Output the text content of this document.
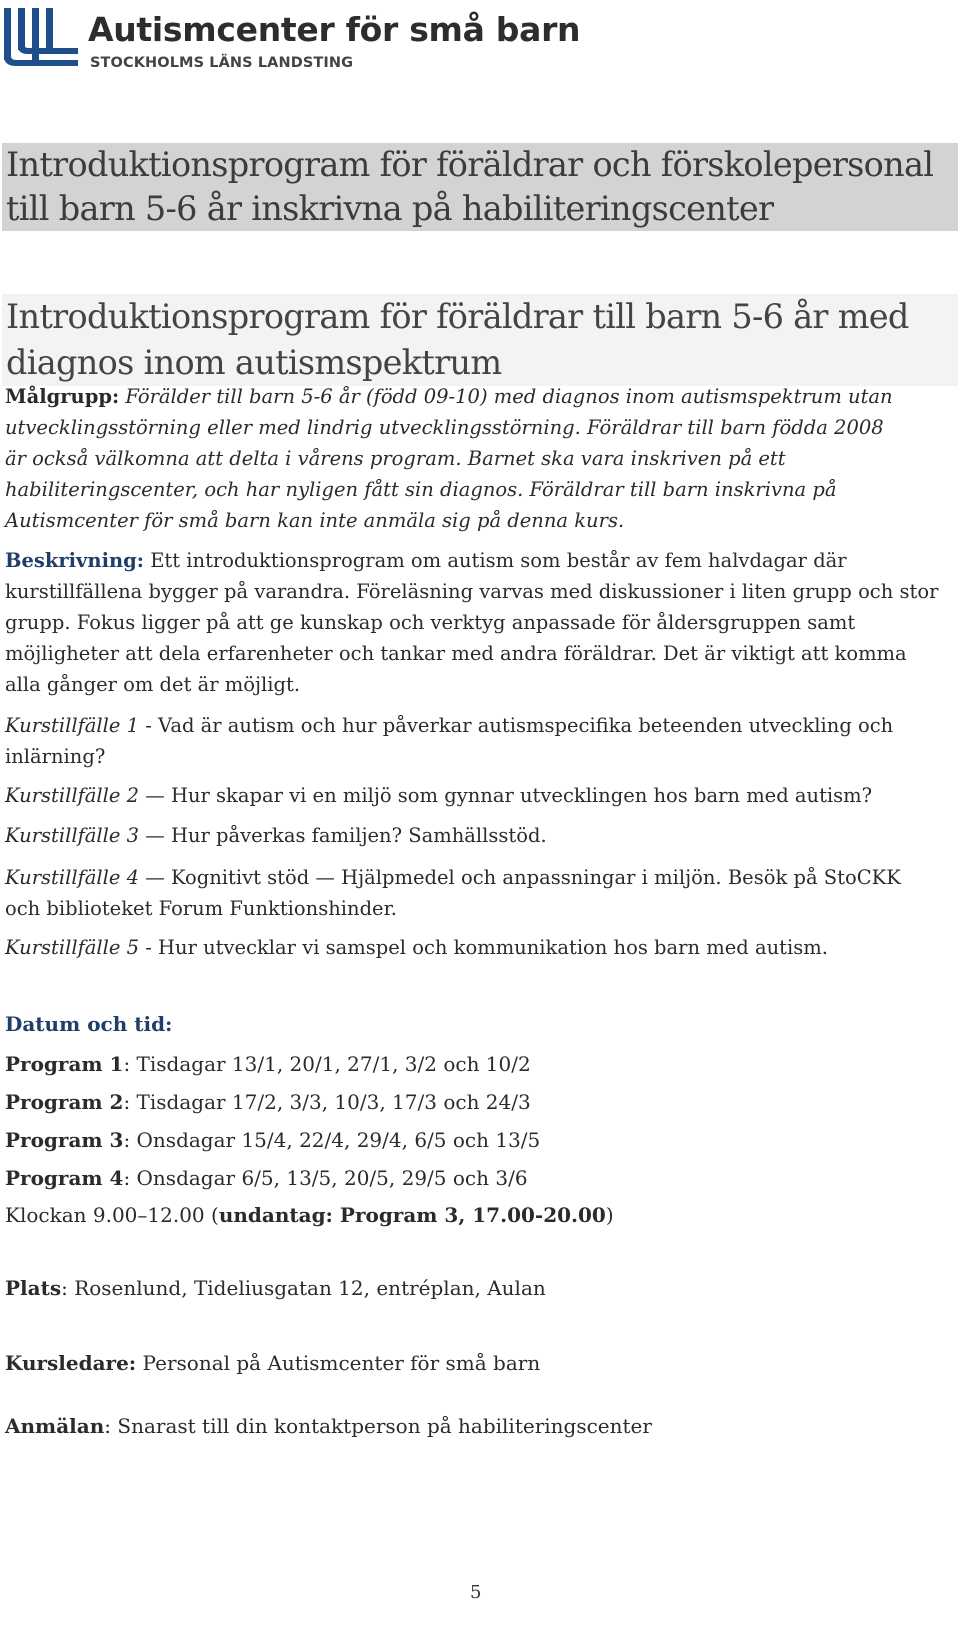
Autismcenter för små barn
STOCKHOLMS LÄNS LANDSTING
Introduktionsprogram för föräldrar och förskolepersonal
till barn 5-6 år inskrivna på habiliteringscenter
Introduktionsprogram för föräldrar till barn 5-6 år med
diagnos inom autismspektrum
Målgrupp: Förälder till barn 5-6 år (född 09-10) med diagnos inom autismspektrum utan
utvecklingsstörning eller med lindrig utvecklingsstörning. Föräldrar till barn födda 2008
är också välkomna att delta i vårens program. Barnet ska vara inskriven på ett
habiliteringscenter, och har nyligen fått sin diagnos. Föräldrar till barn inskrivna på
Autismcenter för små barn kan inte anmäla sig på denna kurs.
Beskrivning: Ett introduktionsprogram om autism som består av fem halvdagar där
kurstillfällena bygger på varandra. Föreläsning varvas med diskussioner i liten grupp och stor
grupp. Fokus ligger på att ge kunskap och verktyg anpassade för åldersgruppen samt
möjligheter att dela erfarenheter och tankar med andra föräldrar. Det är viktigt att komma
alla gånger om det är möjligt.
Kurstillfälle 1 - Vad är autism och hur påverkar autismspecifika beteenden utveckling och
inlärning?
Kurstillfälle 2 — Hur skapar vi en miljö som gynnar utvecklingen hos barn med autism?
Kurstillfälle 3 — Hur påverkas familjen? Samhällsstöd.
Kurstillfälle 4 — Kognitivt stöd — Hjälpmedel och anpassningar i miljön. Besök på StoCKK
och biblioteket Forum Funktionshinder.
Kurstillfälle 5 - Hur utvecklar vi samspel och kommunikation hos barn med autism.
Datum och tid:
Program 1: Tisdagar 13/1, 20/1, 27/1, 3/2 och 10/2
Program 2: Tisdagar 17/2, 3/3, 10/3, 17/3 och 24/3
Program 3: Onsdagar 15/4, 22/4, 29/4, 6/5 och 13/5
Program 4: Onsdagar 6/5, 13/5, 20/5, 29/5 och 3/6
Klockan 9.00–12.00 (undantag: Program 3, 17.00-20.00)
Plats: Rosenlund, Tideliusgatan 12, entréplan, Aulan
Kursledare: Personal på Autismcenter för små barn
Anmälan: Snarast till din kontaktperson på habiliteringscenter
5
